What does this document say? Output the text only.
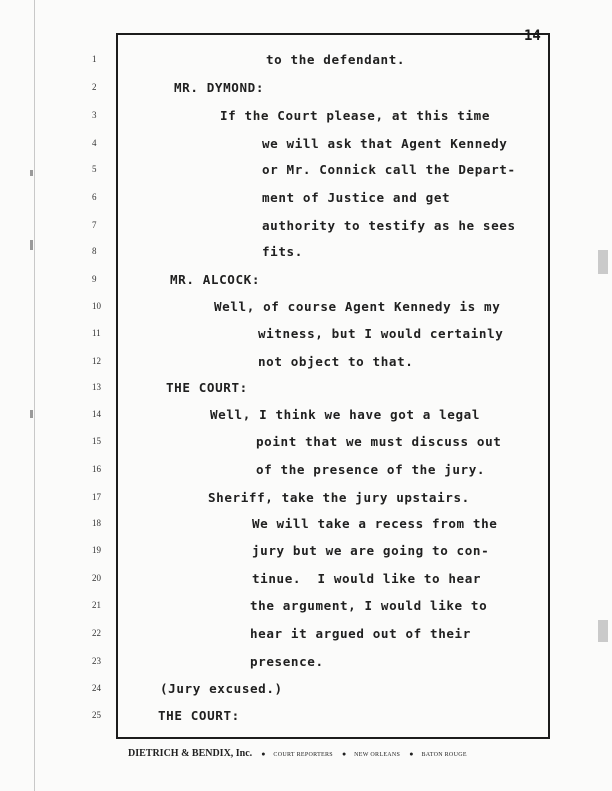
14
1
2
3
4
5
6
7
8
9
10
11
12
13
14
15
16
17
18
19
20
21
22
23
24
25
to the defendant.
MR. DYMOND:
If the Court please, at this time
we will ask that Agent Kennedy
or Mr. Connick call the Depart-
ment of Justice and get
authority to testify as he sees
fits.
MR. ALCOCK:
Well, of course Agent Kennedy is my
witness, but I would certainly
not object to that.
THE COURT:
Well, I think we have got a legal
point that we must discuss out
of the presence of the jury.
Sheriff, take the jury upstairs.
We will take a recess from the
jury but we are going to con-
tinue.  I would like to hear
the argument, I would like to
hear it argued out of their
presence.
(Jury excused.)
THE COURT:
DIETRICH & BENDIX, Inc. ● COURT REPORTERS ● NEW ORLEANS ● BATON ROUGE
